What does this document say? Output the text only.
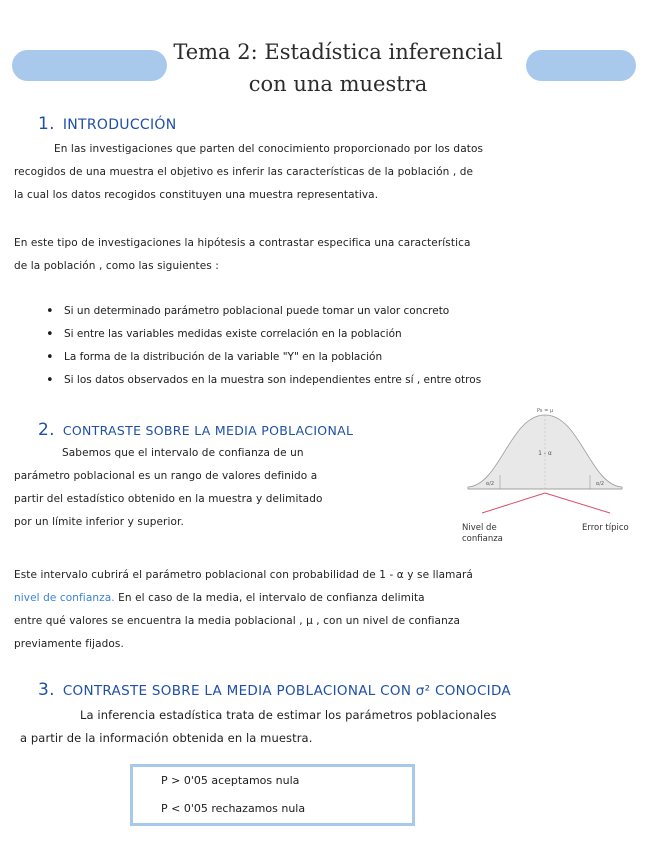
Tema 2: Estadística inferencial
con una muestra
1. INTRODUCCIÓN
En las investigaciones que parten del conocimiento proporcionado por los datos
recogidos de una muestra el objetivo es inferir las características de la población , de
la cual los datos recogidos constituyen una muestra representativa.
En este tipo de investigaciones la hipótesis a contrastar especifica una característica
de la población , como las siguientes :
• Si un determinado parámetro poblacional puede tomar un valor concreto
• Si entre las variables medidas existe correlación en la población
• La forma de la distribución de la variable "Y" en la población
• Si los datos observados en la muestra son independientes entre sí , entre otros
2. CONTRASTE SOBRE LA MEDIA POBLACIONAL
Sabemos que el intervalo de confianza de un
parámetro poblacional es un rango de valores definido a
partir del estadístico obtenido en la muestra y delimitado
por un límite inferior y superior.
1 - α
Ps = μ
α/2	α/2
Nivel de
confianza
Error típico
Este intervalo cubrirá el parámetro poblacional con probabilidad de 1 - α y se llamará
nivel de confianza. En el caso de la media, el intervalo de confianza delimita
entre qué valores se encuentra la media poblacional , μ , con un nivel de confianza
previamente fijados.
3. CONTRASTE SOBRE LA MEDIA POBLACIONAL CON σ² CONOCIDA
La inferencia estadística trata de estimar los parámetros poblacionales
a partir de la información obtenida en la muestra.
P > 0'05 aceptamos nula
P < 0'05 rechazamos nula
